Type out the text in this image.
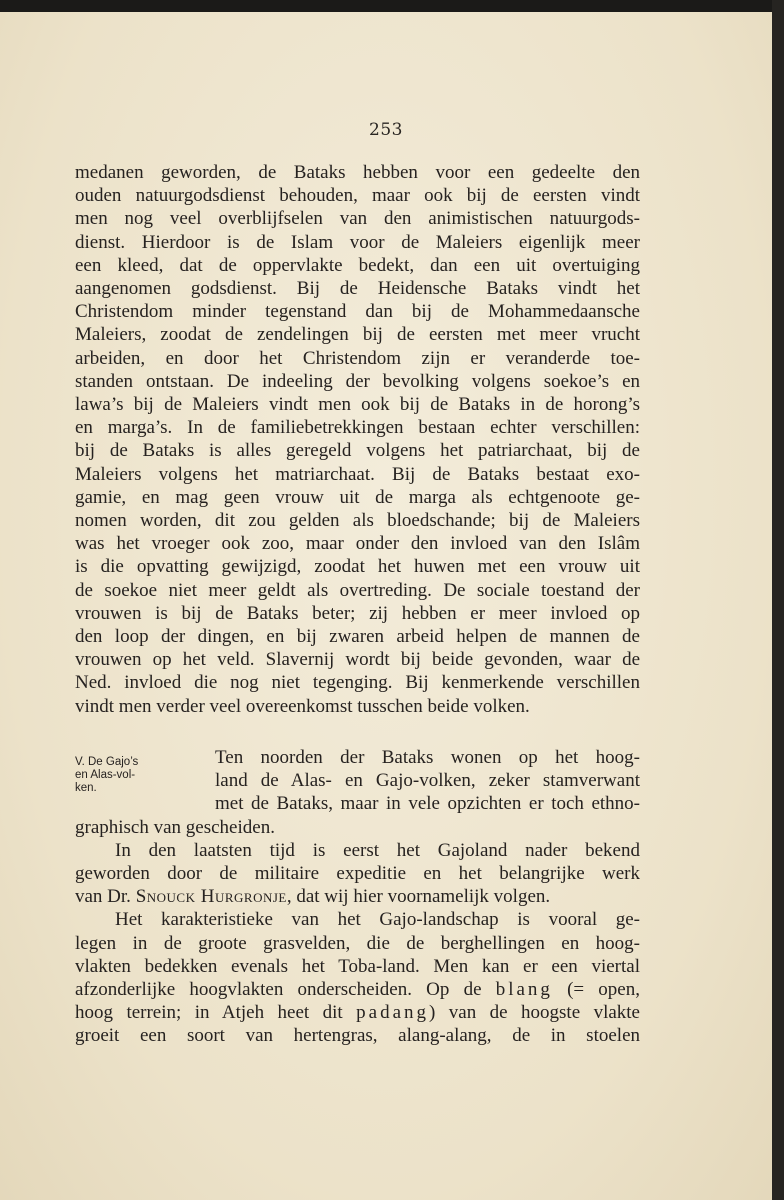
253
medanen geworden, de Bataks hebben voor een gedeelte den
ouden natuurgodsdienst behouden, maar ook bij de eersten vindt
men nog veel overblijfselen van den animistischen natuurgods-
dienst. Hierdoor is de Islam voor de Maleiers eigenlijk meer
een kleed, dat de oppervlakte bedekt, dan een uit overtuiging
aangenomen godsdienst. Bij de Heidensche Bataks vindt het
Christendom minder tegenstand dan bij de Mohammedaansche
Maleiers, zoodat de zendelingen bij de eersten met meer vrucht
arbeiden, en door het Christendom zijn er veranderde toe-
standen ontstaan. De indeeling der bevolking volgens soekoe’s en
lawa’s bij de Maleiers vindt men ook bij de Bataks in de horong’s
en marga’s. In de familiebetrekkingen bestaan echter verschillen:
bij de Bataks is alles geregeld volgens het patriarchaat, bij de
Maleiers volgens het matriarchaat. Bij de Bataks bestaat exo-
gamie, en mag geen vrouw uit de marga als echtgenoote ge-
nomen worden, dit zou gelden als bloedschande; bij de Maleiers
was het vroeger ook zoo, maar onder den invloed van den Islâm
is die opvatting gewijzigd, zoodat het huwen met een vrouw uit
de soekoe niet meer geldt als overtreding. De sociale toestand der
vrouwen is bij de Bataks beter; zij hebben er meer invloed op
den loop der dingen, en bij zwaren arbeid helpen de mannen de
vrouwen op het veld. Slavernij wordt bij beide gevonden, waar de
Ned. invloed die nog niet tegenging. Bij kenmerkende verschillen
vindt men verder veel overeenkomst tusschen beide volken.
V. De Gajo’s
en Alas-vol-
ken.
Ten noorden der Bataks wonen op het hoog-
land de Alas- en Gajo-volken, zeker stamverwant
met de Bataks, maar in vele opzichten er toch ethno-
graphisch van gescheiden.
In den laatsten tijd is eerst het Gajoland nader bekend
geworden door de militaire expeditie en het belangrijke werk
van Dr. Snouck Hurgronje, dat wij hier voornamelijk volgen.
Het karakteristieke van het Gajo-landschap is vooral ge-
legen in de groote grasvelden, die de berghellingen en hoog-
vlakten bedekken evenals het Toba-land. Men kan er een viertal
afzonderlijke hoogvlakten onderscheiden. Op de blang (= open,
hoog terrein; in Atjeh heet dit padang) van de hoogste vlakte
groeit een soort van hertengras, alang-alang, de in stoelen
